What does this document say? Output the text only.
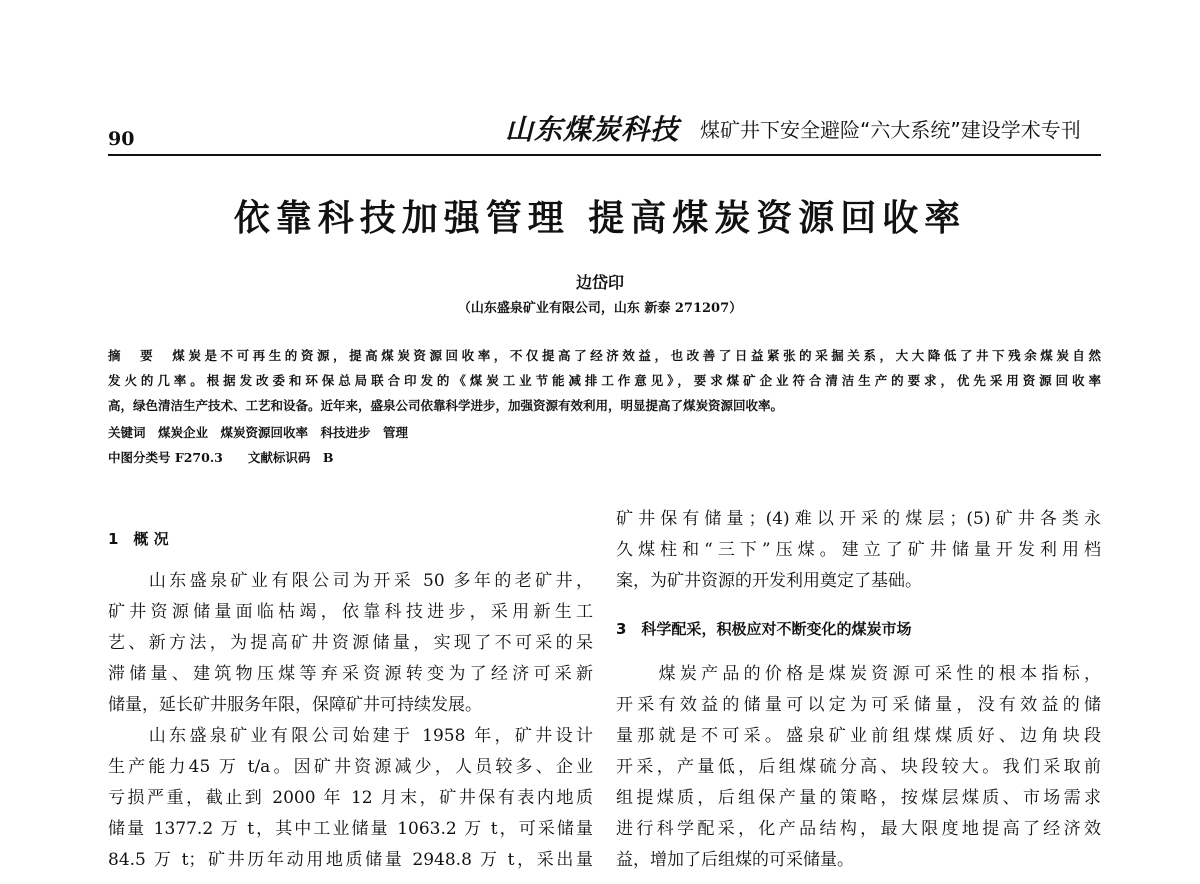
90	山东煤炭科技 煤矿井下安全避险“六大系统”建设学术专刊
依靠科技加强管理 提高煤炭资源回收率
边岱印
（山东盛泉矿业有限公司，山东 新泰 271207）
摘　要　煤炭是不可再生的资源，提高煤炭资源回收率，不仅提高了经济效益，也改善了日益紧张的采掘关系，大大降低了井下残余煤炭自然
发火的几率。根据发改委和环保总局联合印发的《煤炭工业节能减排工作意见》，要求煤矿企业符合清洁生产的要求，优先采用资源回收率
高，绿色清洁生产技术、工艺和设备。近年来，盛泉公司依靠科学进步，加强资源有效利用，明显提高了煤炭资源回收率。
关键词　煤炭企业　煤炭资源回收率　科技进步　管理
中图分类号 F270.3　　文献标识码　B
1　概 况
　　山东盛泉矿业有限公司为开采 50 多年的老矿井，
矿井资源储量面临枯竭，依靠科技进步，采用新生工
艺、新方法，为提高矿井资源储量，实现了不可采的呆
滞储量、建筑物压煤等弃采资源转变为了经济可采新
储量，延长矿井服务年限，保障矿井可持续发展。
　　山东盛泉矿业有限公司始建于 1958 年，矿井设计
生产能力45 万 t/a。因矿井资源减少，人员较多、企业
亏损严重，截止到 2000 年 12 月末，矿井保有表内地质
储量 1377.2 万 t，其中工业储量 1063.2 万 t，可采储量
84.5 万 t；矿井历年动用地质储量 2948.8 万 t，采出量
矿井保有储量；(4)难以开采的煤层；(5)矿井各类永
久煤柱和“三下”压煤。建立了矿井储量开发利用档
案，为矿井资源的开发利用奠定了基础。
3　科学配采，积极应对不断变化的煤炭市场
　　煤炭产品的价格是煤炭资源可采性的根本指标，
开采有效益的储量可以定为可采储量，没有效益的储
量那就是不可采。盛泉矿业前组煤煤质好、边角块段
开采，产量低，后组煤硫分高、块段较大。我们采取前
组提煤质，后组保产量的策略，按煤层煤质、市场需求
进行科学配采，化产品结构，最大限度地提高了经济效
益，增加了后组煤的可采储量。
